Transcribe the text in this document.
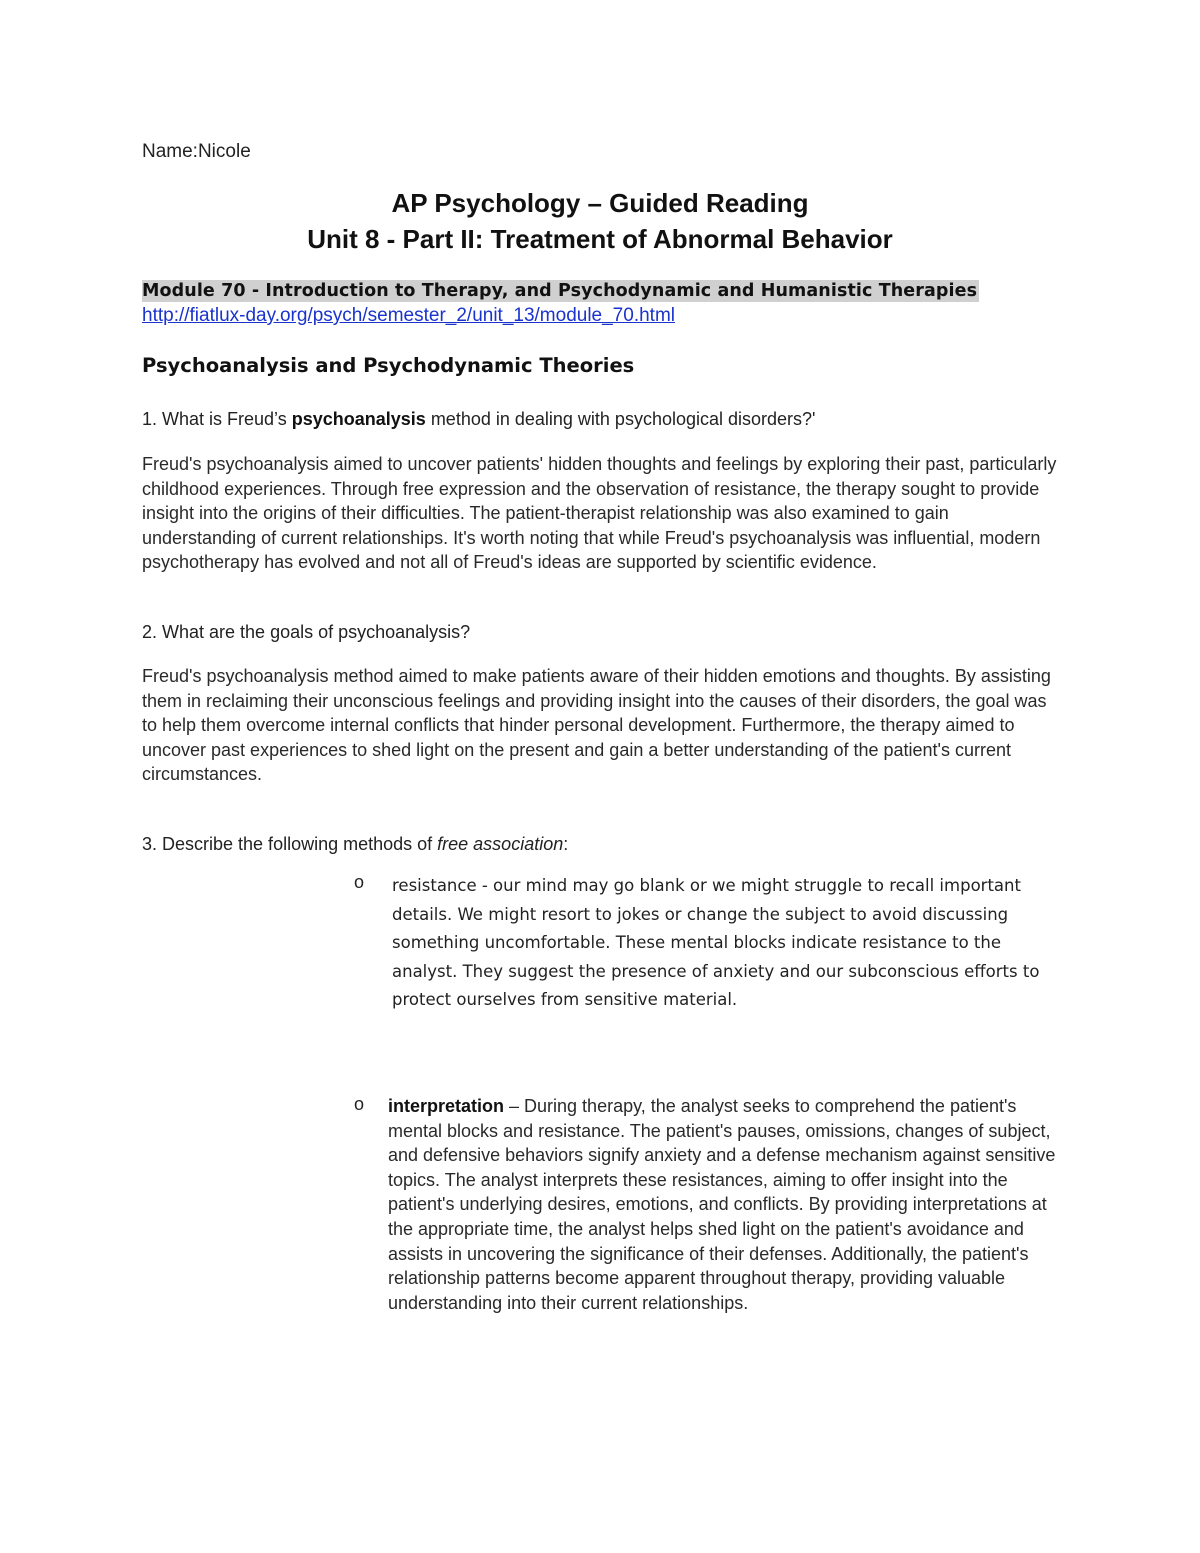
Name:Nicole

AP Psychology – Guided Reading

Unit 8 - Part II: Treatment of Abnormal Behavior

Module 70 - Introduction to Therapy, and Psychodynamic and Humanistic Therapies
http://fiatlux-day.org/psych/semester_2/unit_13/module_70.html
Psychoanalysis and Psychodynamic Theories
1. What is Freud’s psychoanalysis method in dealing with psychological disorders?'

Freud's psychoanalysis aimed to uncover patients' hidden thoughts and feelings by exploring their past, particularly childhood experiences. Through free expression and the observation of resistance, the therapy sought to provide insight into the origins of their difficulties. The patient-therapist relationship was also examined to gain understanding of current relationships. It's worth noting that while Freud's psychoanalysis was influential, modern psychotherapy has evolved and not all of Freud's ideas are supported by scientific evidence.

2. What are the goals of psychoanalysis?

Freud's psychoanalysis method aimed to make patients aware of their hidden emotions and thoughts. By assisting them in reclaiming their unconscious feelings and providing insight into the causes of their disorders, the goal was to help them overcome internal conflicts that hinder personal development. Furthermore, the therapy aimed to uncover past experiences to shed light on the present and gain a better understanding of the patient's current circumstances.

3. Describe the following methods of free association:
o resistance - our mind may go blank or we might struggle to recall important details. We might resort to jokes or change the subject to avoid discussing something uncomfortable. These mental blocks indicate resistance to the analyst. They suggest the presence of anxiety and our subconscious efforts to protect ourselves from sensitive material.
o interpretation – During therapy, the analyst seeks to comprehend the patient's mental blocks and resistance. The patient's pauses, omissions, changes of subject, and defensive behaviors signify anxiety and a defense mechanism against sensitive topics. The analyst interprets these resistances, aiming to offer insight into the patient's underlying desires, emotions, and conflicts. By providing interpretations at the appropriate time, the analyst helps shed light on the patient's avoidance and assists in uncovering the significance of their defenses. Additionally, the patient's relationship patterns become apparent throughout therapy, providing valuable understanding into their current relationships.
